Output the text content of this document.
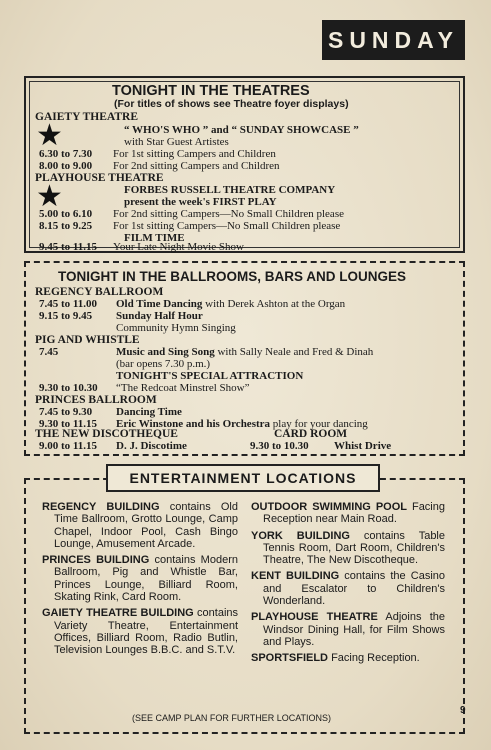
SUNDAY
TONIGHT IN THE THEATRES
(For titles of shows see Theatre foyer displays)
GAIETY THEATRE
★	“ WHO'S WHO ” and “ SUNDAY SHOWCASE ”
with Star Guest Artistes
6.30 to 7.30 For 1st sitting Campers and Children
8.00 to 9.00 For 2nd sitting Campers and Children
PLAYHOUSE THEATRE
★	FORBES RUSSELL THEATRE COMPANY
present the week's FIRST PLAY
5.00 to 6.10 For 2nd sitting Campers—No Small Children please
8.15 to 9.25 For 1st sitting Campers—No Small Children please
FILM TIME
9.45 to 11.15 Your Late Night Movie Show
TONIGHT IN THE BALLROOMS, BARS AND LOUNGES
REGENCY BALLROOM
7.45 to 11.00 Old Time Dancing with Derek Ashton at the Organ
9.15 to 9.45 Sunday Half Hour
Community Hymn Singing
PIG AND WHISTLE
7.45	Music and Sing Song with Sally Neale and Fred & Dinah
(bar opens 7.30 p.m.)
TONIGHT'S SPECIAL ATTRACTION
9.30 to 10.30 “The Redcoat Minstrel Show”
PRINCES BALLROOM
7.45 to 9.30 Dancing Time
9.30 to 11.15 Eric Winstone and his Orchestra play for your dancing
THE NEW DISCOTHEQUE	CARD ROOM
9.00 to 11.15 D. J. Discotime	9.30 to 10.30 Whist Drive
ENTERTAINMENT LOCATIONS

REGENCY BUILDING contains Old Time Ballroom, Grotto Lounge, Camp Chapel, Indoor Pool, Cash Bingo Lounge, Amusement Arcade.

PRINCES BUILDING contains Modern Ballroom, Pig and Whistle Bar, Princes Lounge, Billiard Room, Skating Rink, Card Room.

GAIETY THEATRE BUILDING contains Variety Theatre, Entertainment Offices, Billiard Room, Radio Butlin, Television Lounges B.B.C. and S.T.V.

OUTDOOR SWIMMING POOL Facing Reception near Main Road.

YORK BUILDING contains Table Tennis Room, Dart Room, Children's Theatre, The New Discotheque.

KENT BUILDING contains the Casino and Escalator to Children's Wonderland.

PLAYHOUSE THEATRE Adjoins the Windsor Dining Hall, for Film Shows and Plays.

SPORTSFIELD Facing Reception.

(SEE CAMP PLAN FOR FURTHER LOCATIONS)
9
